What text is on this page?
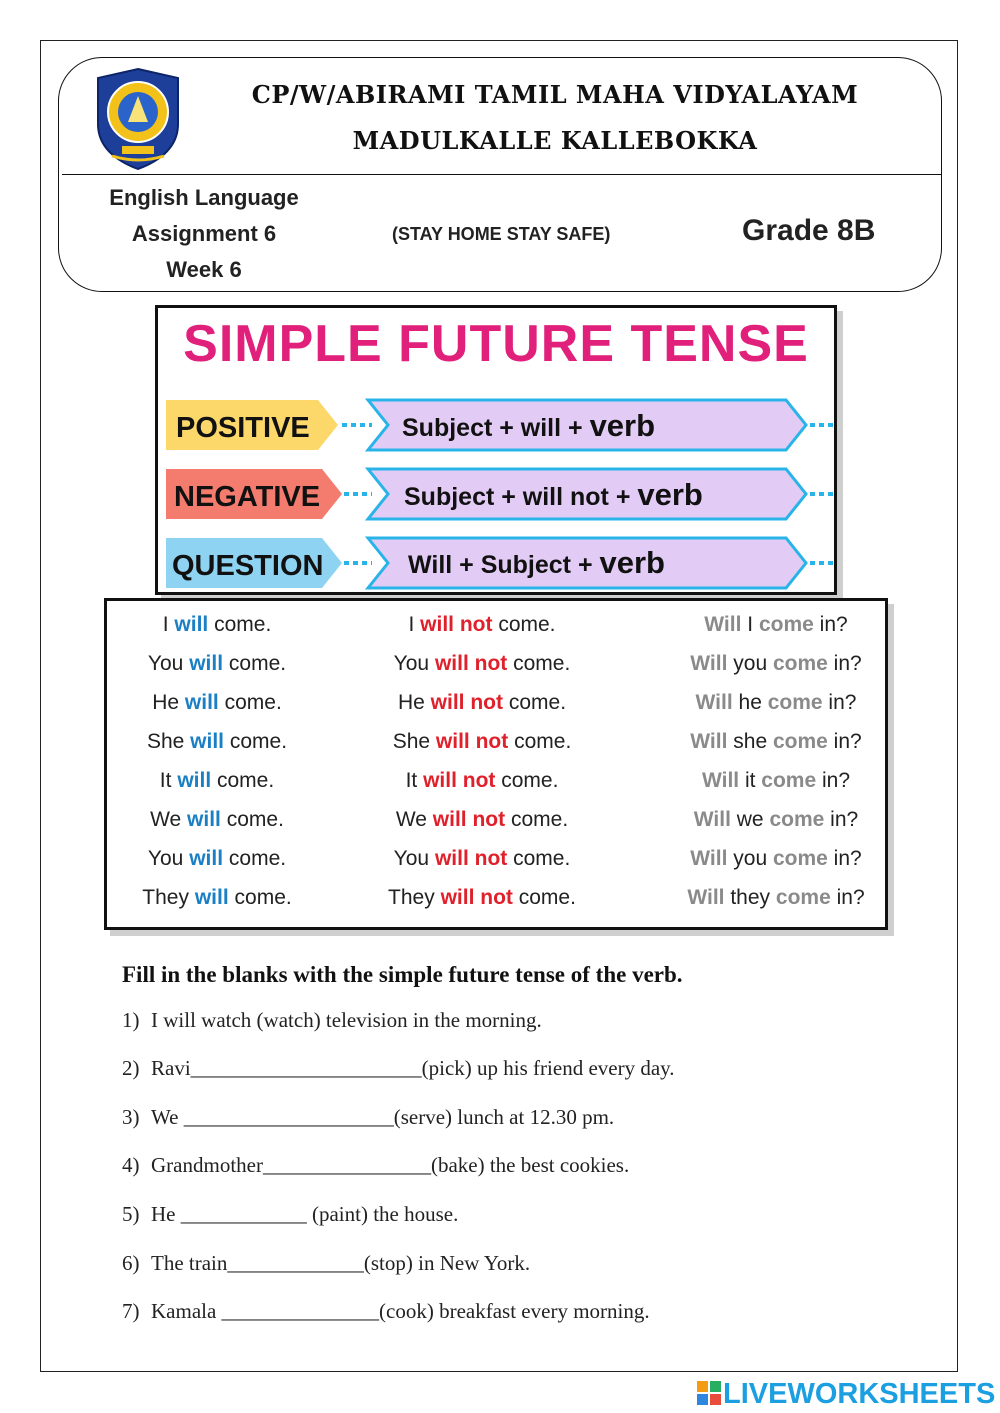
CP/W/ABIRAMI TAMIL MAHA VIDYALAYAM
MADULKALLE KALLEBOKKA
English Language
Assignment 6
Week 6
(STAY HOME STAY SAFE)	Grade 8B
SIMPLE FUTURE TENSE
POSITIVE	Subject + will + verb
NEGATIVE	Subject + will not + verb
QUESTION	Will + Subject + verb
I will come.	I will not come.	Will I come in?
You will come.	You will not come.	Will you come in?
He will come.	He will not come.	Will he come in?
She will come.	She will not come.	Will she come in?
It will come.	It will not come.	Will it come in?
We will come.	We will not come.	Will we come in?
You will come.	You will not come.	Will you come in?
They will come.	They will not come.	Will they come in?
Fill in the blanks with the simple future tense of the verb.
1) I will watch (watch) television in the morning.
2) Ravi______________________(pick) up his friend every day.
3) We ____________________(serve) lunch at 12.30 pm.
4) Grandmother________________(bake) the best cookies.
5) He ____________ (paint) the house.
6) The train_____________(stop) in New York.
7) Kamala _______________(cook) breakfast every morning.
LIVEWORKSHEETS
